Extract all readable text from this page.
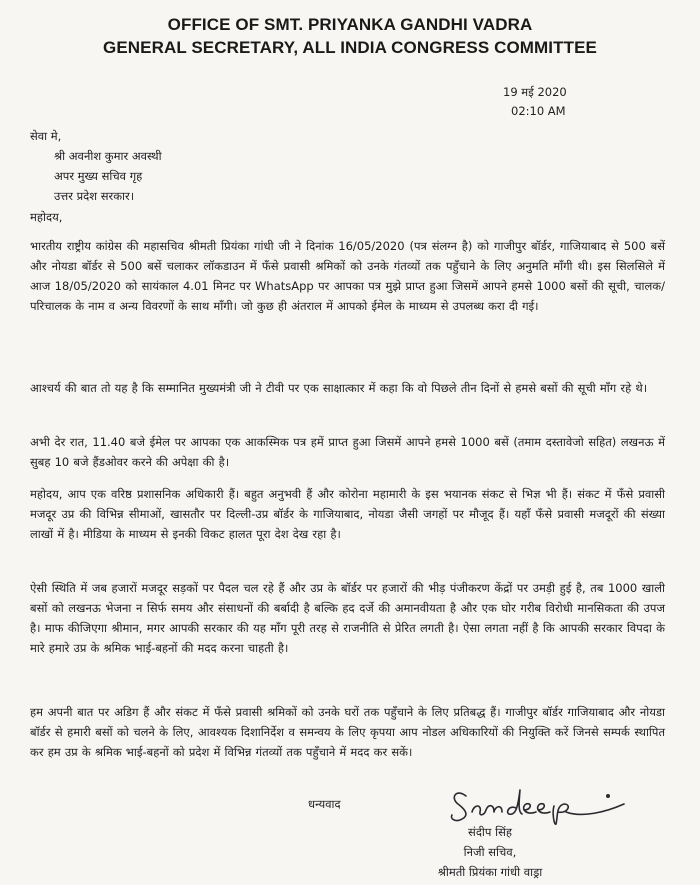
OFFICE OF SMT. PRIYANKA GANDHI VADRA
GENERAL SECRETARY, ALL INDIA CONGRESS COMMITTEE
19 मई 2020
02:10 AM
सेवा मे,
श्री अवनीश कुमार अवस्थी
अपर मुख्य सचिव गृह
उत्तर प्रदेश सरकार।
महोदय,
भारतीय राष्ट्रीय कांग्रेस की महासचिव श्रीमती प्रियंका गांधी जी ने दिनांक 16/05/2020 (पत्र संलग्न है) को गाजीपुर बॉर्डर, गाजियाबाद से 500 बसें और नोयडा बॉर्डर से 500 बसें चलाकर लॉकडाउन में फँसे प्रवासी श्रमिकों को उनके गंतव्यों तक पहुँचाने के लिए अनुमति माँगी थी। इस सिलसिले में आज 18/05/2020 को सायंकाल 4.01 मिनट पर WhatsApp पर आपका पत्र मुझे प्राप्त हुआ जिसमें आपने हमसे 1000 बसों की सूची, चालक/परिचालक के नाम व अन्य विवरणों के साथ माँगी। जो कुछ ही अंतराल में आपको ईमेल के माध्यम से उपलब्ध करा दी गई।
आश्चर्य की बात तो यह है कि सम्मानित मुख्यमंत्री जी ने टीवी पर एक साक्षात्कार में कहा कि वो पिछले तीन दिनों से हमसे बसों की सूची माँग रहे थे।
अभी देर रात, 11.40 बजे ईमेल पर आपका एक आकस्मिक पत्र हमें प्राप्त हुआ जिसमें आपने हमसे 1000 बसें (तमाम दस्तावेजो सहित) लखनऊ में सुबह 10 बजे हैंडओवर करने की अपेक्षा की है।
महोदय, आप एक वरिष्ठ प्रशासनिक अधिकारी हैं। बहुत अनुभवी हैं और कोरोना महामारी के इस भयानक संकट से भिज्ञ भी हैं। संकट में फँसे प्रवासी मजदूर उप्र की विभिन्न सीमाओं, खासतौर पर दिल्ली-उप्र बॉर्डर के गाजियाबाद, नोयडा जैसी जगहों पर मौजूद हैं। यहाँ फँसे प्रवासी मजदूरों की संख्या लाखों में है। मीडिया के माध्यम से इनकी विकट हालत पूरा देश देख रहा है।
ऐसी स्थिति में जब हजारों मजदूर सड़कों पर पैदल चल रहे हैं और उप्र के बॉर्डर पर हजारों की भीड़ पंजीकरण केंद्रों पर उमड़ी हुई है, तब 1000 खाली बसों को लखनऊ भेजना न सिर्फ समय और संसाधनों की बर्बादी है बल्कि हद दर्जे की अमानवीयता है और एक घोर गरीब विरोधी मानसिकता की उपज है। माफ कीजिएगा श्रीमान, मगर आपकी सरकार की यह माँग पूरी तरह से राजनीति से प्रेरित लगती है। ऐसा लगता नहीं है कि आपकी सरकार विपदा के मारे हमारे उप्र के श्रमिक भाई-बहनों की मदद करना चाहती है।
हम अपनी बात पर अडिग हैं और संकट में फँसे प्रवासी श्रमिकों को उनके घरों तक पहुँचाने के लिए प्रतिबद्ध हैं। गाजीपुर बॉर्डर गाजियाबाद और नोयडा बॉर्डर से हमारी बसों को चलने के लिए, आवश्यक दिशानिर्देश व समन्वय के लिए कृपया आप नोडल अधिकारियों की नियुक्ति करें जिनसे सम्पर्क स्थापित कर हम उप्र के श्रमिक भाई-बहनों को प्रदेश में विभिन्न गंतव्यों तक पहुँचाने में मदद कर सकें।
धन्यवाद
Sandeep
संदीप सिंह
निजी सचिव,
श्रीमती प्रियंका गांधी वाड्रा
